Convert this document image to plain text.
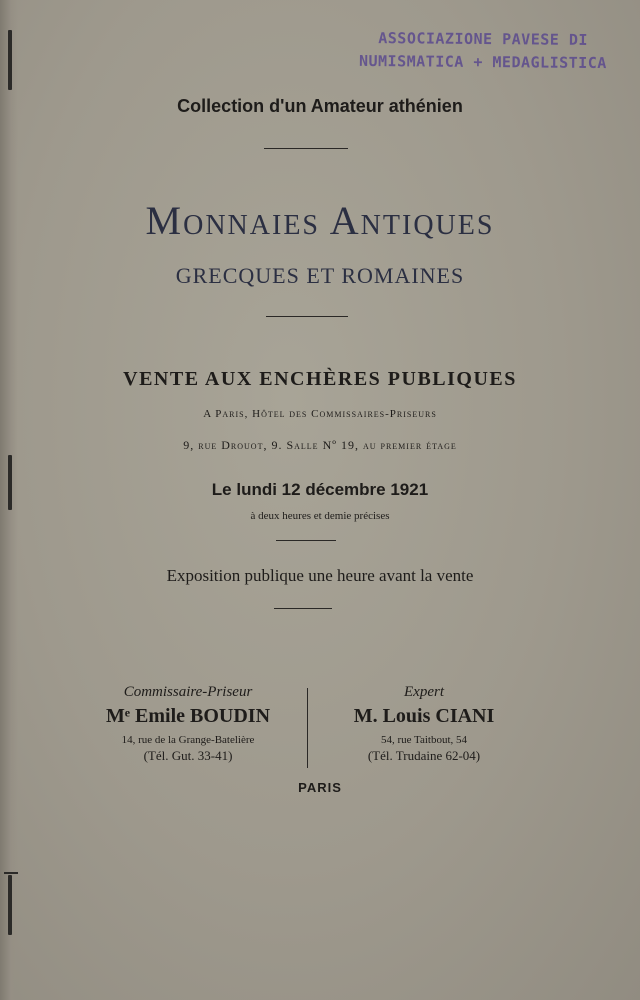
ASSOCIAZIONE PAVESE DI
NUMISMATICA + MEDAGLISTICA
Collection d'un Amateur athénien
Monnaies Antiques
GRECQUES ET ROMAINES
VENTE AUX ENCHÈRES PUBLIQUES
A Paris, Hôtel des Commissaires-Priseurs
9, rue Drouot, 9. Salle Nº 19, au premier étage
Le lundi 12 décembre 1921
à deux heures et demie précises
Exposition publique une heure avant la vente
Commissaire-Priseur
Mᵉ Emile BOUDIN
14, rue de la Grange-Batelière
(Tél. Gut. 33-41)
Expert
M. Louis CIANI
54, rue Taitbout, 54
(Tél. Trudaine 62-04)
PARIS
